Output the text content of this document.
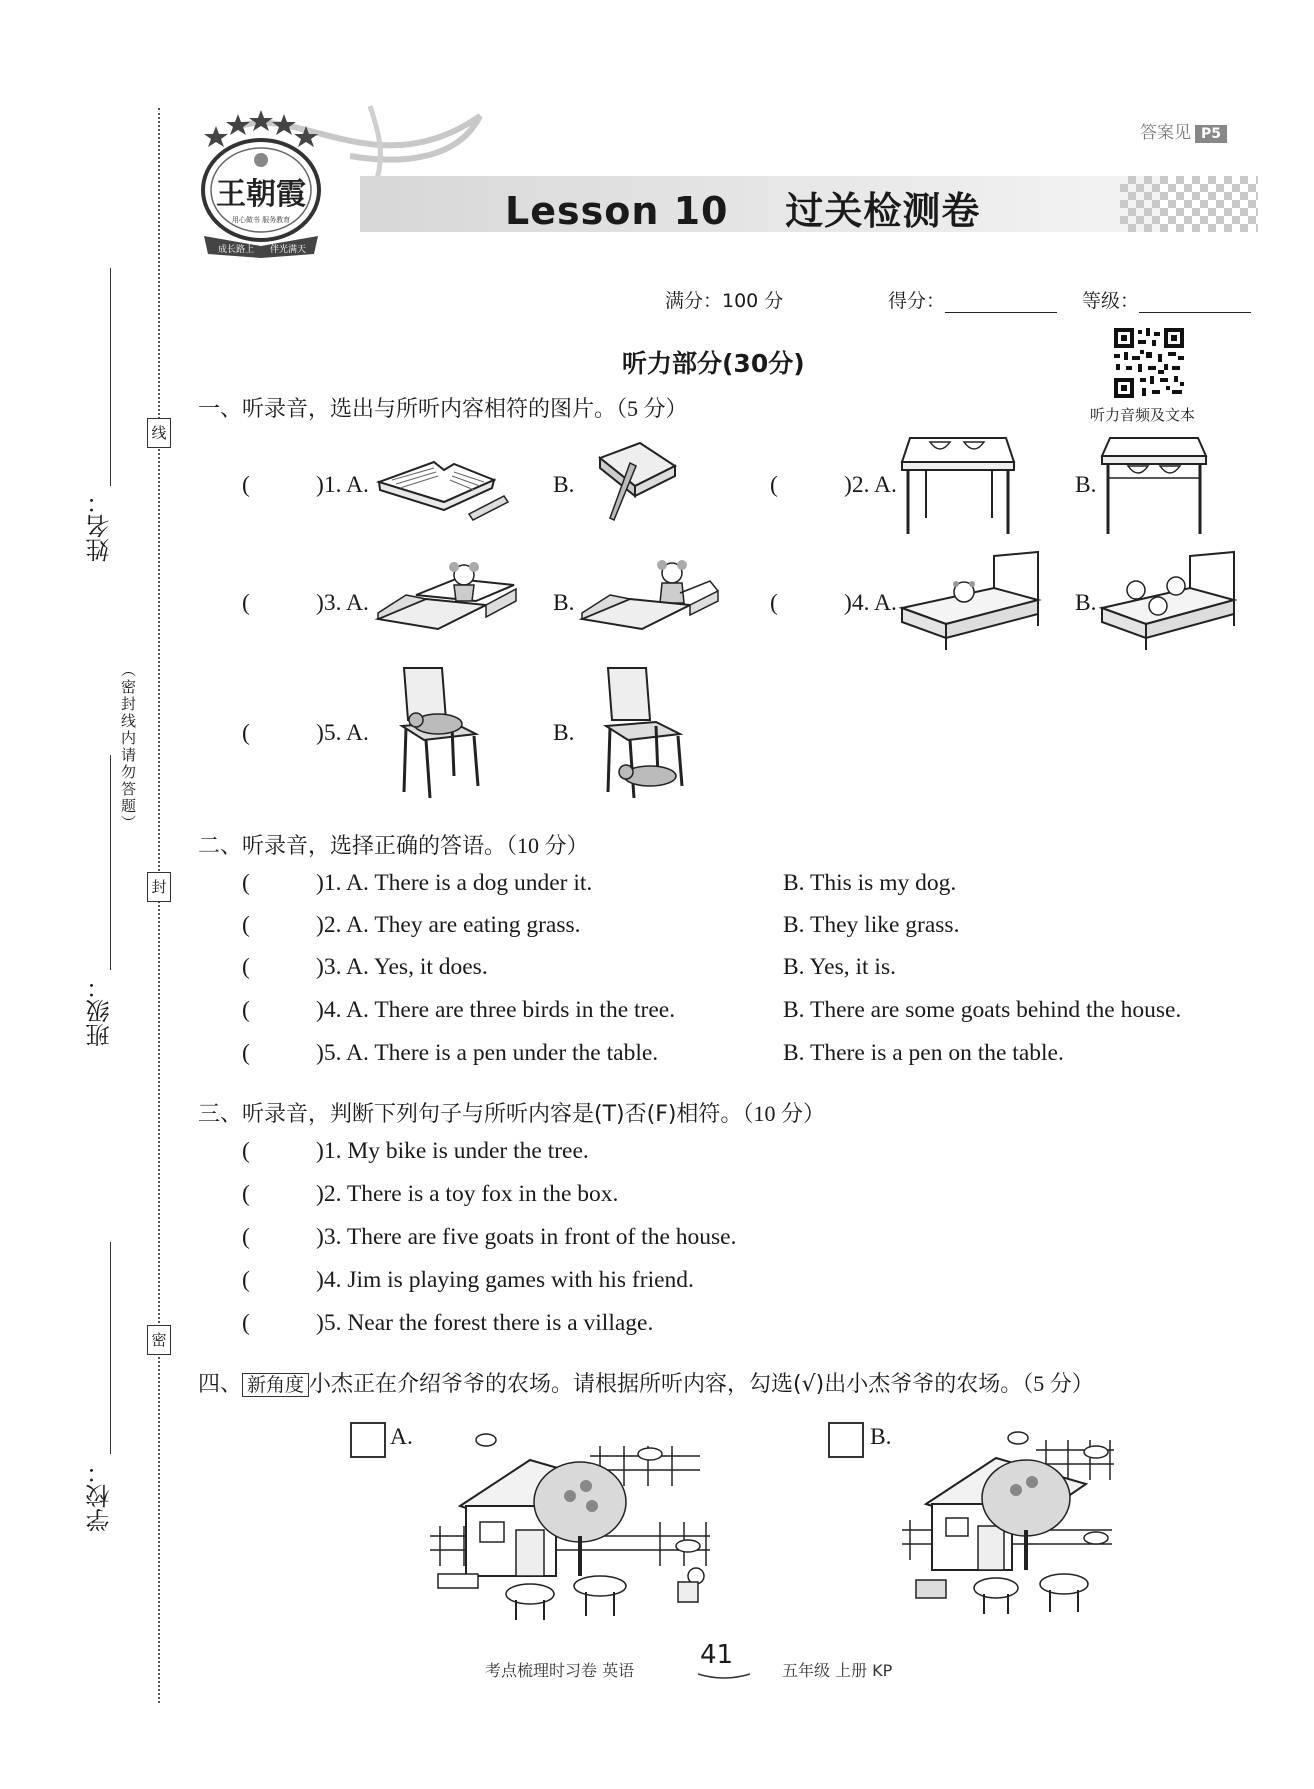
线
封
密
（密封线内请勿答题）
姓名：
班级：
学校：
王朝霞
用心做书 服务教育
成长路上 伴光满天
答案见 P5
Lesson 10    过关检测卷
满分：100 分	得分：	等级：
听力音频及文本
听力部分(30分)
一、听录音，选出与所听内容相符的图片。（5 分）
(	)1. A.	B.	(	)2. A.	B.
(	)3. A.	B.	(	)4. A.	B.
(	)5. A.	B.
二、听录音，选择正确的答语。（10 分）
(	)1. A. There is a dog under it.	B. This is my dog.
(	)2. A. They are eating grass.	B. They like grass.
(	)3. A. Yes, it does.	B. Yes, it is.
(	)4. A. There are three birds in the tree.	B. There are some goats behind the house.
(	)5. A. There is a pen under the table.	B. There is a pen on the table.
三、听录音，判断下列句子与所听内容是(T)否(F)相符。（10 分）
(	)1. My bike is under the tree.
(	)2. There is a toy fox in the box.
(	)3. There are five goats in front of the house.
(	)4. Jim is playing games with his friend.
(	)5. Near the forest there is a village.
四、 新角度 小杰正在介绍爷爷的农场。请根据所听内容，勾选(√)出小杰爷爷的农场。（5 分）
A.	B.
考点梳理时习卷 英语
41
五年级 上册 KP
